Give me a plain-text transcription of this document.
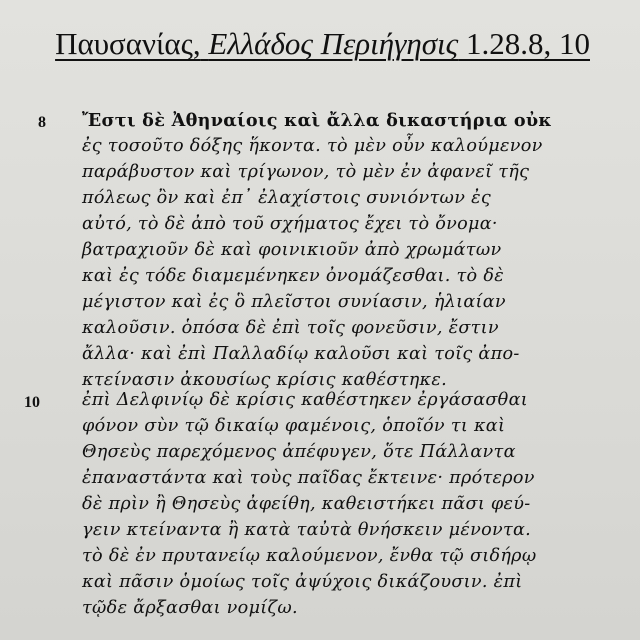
Παυσανίας, Ελλάδος Περιήγησις 1.28.8, 10
8 Ἔστι δὲ Ἀθηναίοις καὶ ἄλλα δικαστήρια οὐκ
ἐς τοσοῦτο δόξης ἥκοντα. τὸ μὲν οὖν καλούμενον
παράβυστον καὶ τρίγωνον, τὸ μὲν ἐν ἀφανεῖ τῆς
πόλεως ὂν καὶ ἐπ᾽ ἐλαχίστοις συνιόντων ἐς
αὐτό, τὸ δὲ ἀπὸ τοῦ σχήματος ἔχει τὸ ὄνομα·
βατραχιοῦν δὲ καὶ φοινικιοῦν ἀπὸ χρωμάτων
καὶ ἐς τόδε διαμεμένηκεν ὀνομάζεσθαι. τὸ δὲ
μέγιστον καὶ ἐς ὃ πλεῖστοι συνίασιν, ἡλιαίαν
καλοῦσιν. ὁπόσα δὲ ἐπὶ τοῖς φονεῦσιν, ἔστιν
ἄλλα· καὶ ἐπὶ Παλλαδίῳ καλοῦσι καὶ τοῖς ἀπο-
κτείνασιν ἀκουσίως κρίσις καθέστηκε.
10 ἐπὶ Δελφινίῳ δὲ κρίσις καθέστηκεν ἐργάσασθαι
φόνον σὺν τῷ δικαίῳ φαμένοις, ὁποῖόν τι καὶ
Θησεὺς παρεχόμενος ἀπέφυγεν, ὅτε Πάλλαντα
ἐπαναστάντα καὶ τοὺς παῖδας ἔκτεινε· πρότερον
δὲ πρὶν ἢ Θησεὺς ἀφείθη, καθειστήκει πᾶσι φεύ-
γειν κτείναντα ἢ κατὰ ταὐτὰ θνήσκειν μένοντα.
τὸ δὲ ἐν πρυτανείῳ καλούμενον, ἔνθα τῷ σιδήρῳ
καὶ πᾶσιν ὁμοίως τοῖς ἀψύχοις δικάζουσιν. ἐπὶ
τῷδε ἄρξασθαι νομίζω.
